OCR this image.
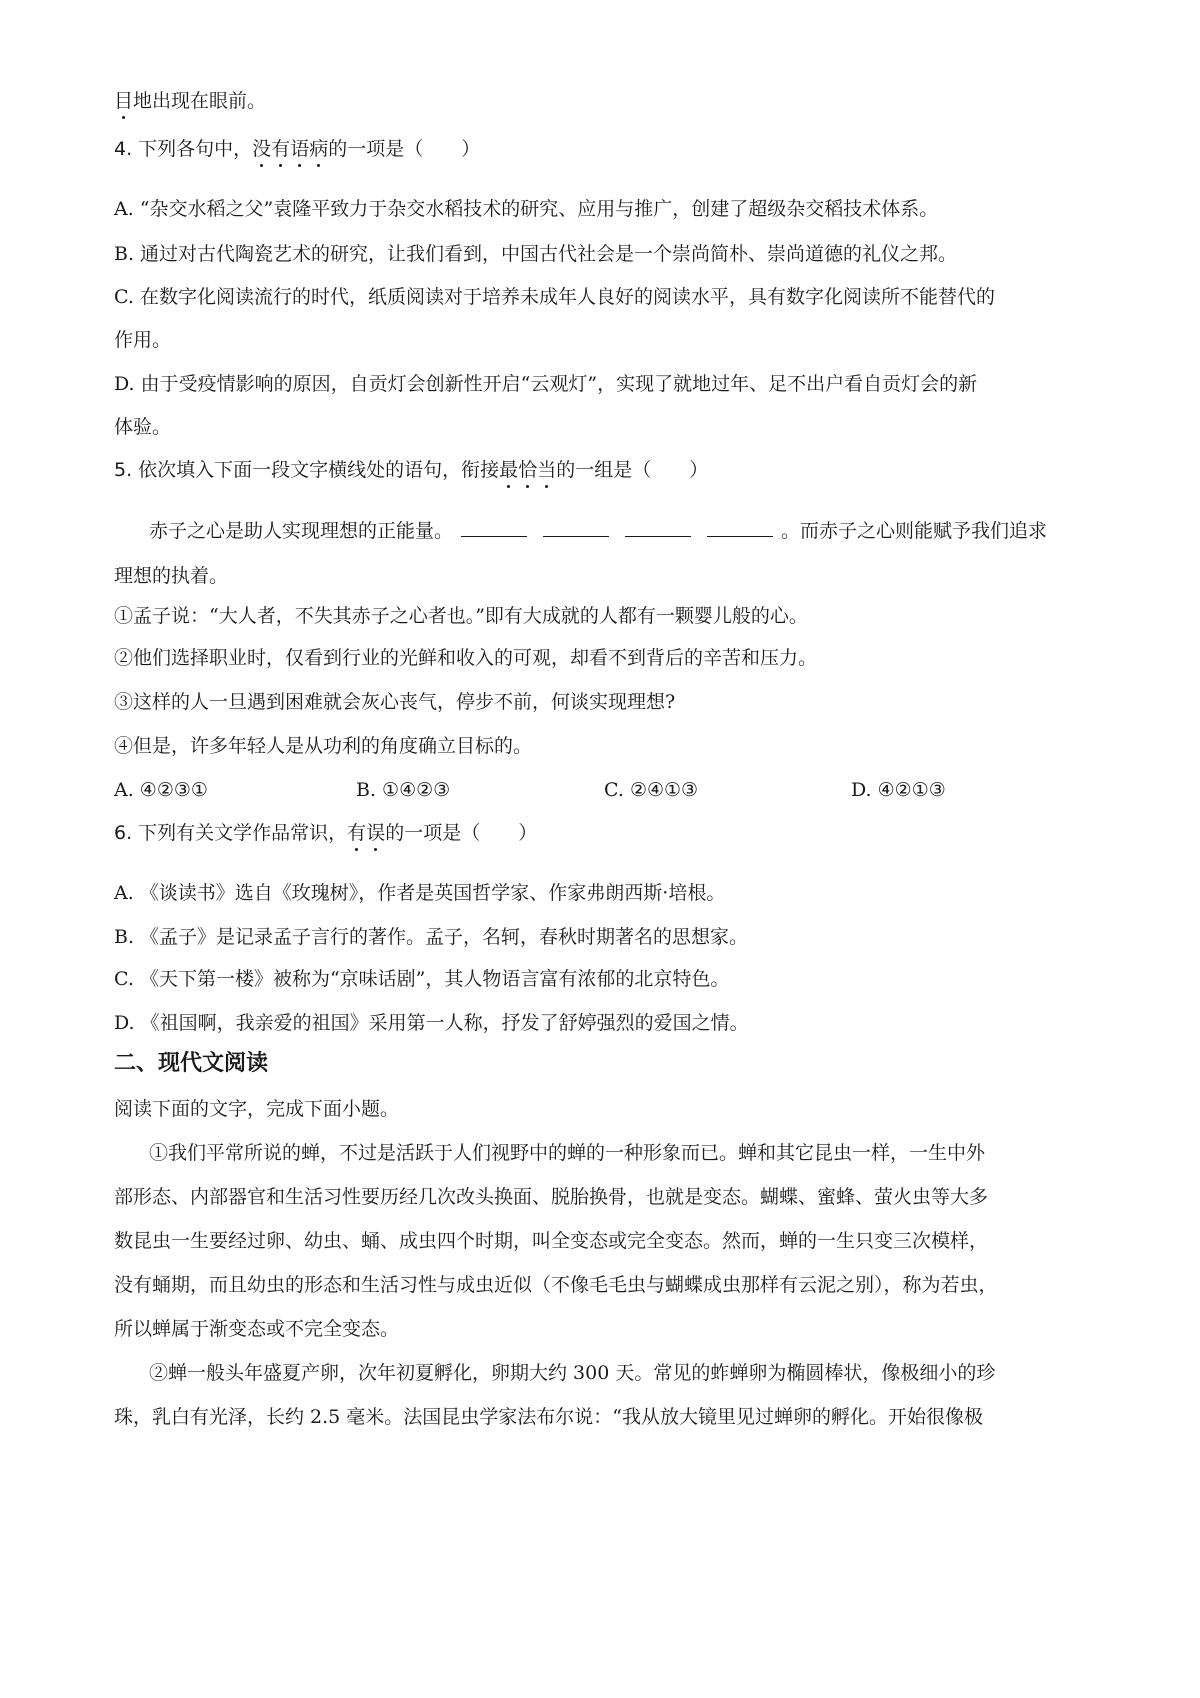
目地出现在眼前。
4. 下列各句中，没有语病的一项是（　　）
A. “杂交水稻之父”袁隆平致力于杂交水稻技术的研究、应用与推广，创建了超级杂交稻技术体系。
B. 通过对古代陶瓷艺术的研究，让我们看到，中国古代社会是一个崇尚简朴、崇尚道德的礼仪之邦。
C. 在数字化阅读流行的时代，纸质阅读对于培养未成年人良好的阅读水平，具有数字化阅读所不能替代的
作用。
D. 由于受疫情影响的原因，自贡灯会创新性开启“云观灯”，实现了就地过年、足不出户看自贡灯会的新
体验。
5. 依次填入下面一段文字横线处的语句，衔接最恰当的一组是（　　）
赤子之心是助人实现理想的正能量。	。而赤子之心则能赋予我们追求
理想的执着。
①孟子说：“大人者，不失其赤子之心者也。”即有大成就的人都有一颗婴儿般的心。
②他们选择职业时，仅看到行业的光鲜和收入的可观，却看不到背后的辛苦和压力。
③这样的人一旦遇到困难就会灰心丧气，停步不前，何谈实现理想?
④但是，许多年轻人是从功利的角度确立目标的。
A. ④②③①	B. ①④②③	C. ②④①③	D. ④②①③
6. 下列有关文学作品常识，有误的一项是（　　）
A. 《谈读书》选自《玫瑰树》，作者是英国哲学家、作家弗朗西斯·培根。
B. 《孟子》是记录孟子言行的著作。孟子，名轲，春秋时期著名的思想家。
C. 《天下第一楼》被称为“京味话剧”，其人物语言富有浓郁的北京特色。
D. 《祖国啊，我亲爱的祖国》采用第一人称，抒发了舒婷强烈的爱国之情。
二、现代文阅读
阅读下面的文字，完成下面小题。
①我们平常所说的蝉，不过是活跃于人们视野中的蝉的一种形象而已。蝉和其它昆虫一样，一生中外
部形态、内部器官和生活习性要历经几次改头换面、脱胎换骨，也就是变态。蝴蝶、蜜蜂、萤火虫等大多
数昆虫一生要经过卵、幼虫、蛹、成虫四个时期，叫全变态或完全变态。然而，蝉的一生只变三次模样，
没有蛹期，而且幼虫的形态和生活习性与成虫近似（不像毛毛虫与蝴蝶成虫那样有云泥之别），称为若虫，
所以蝉属于渐变态或不完全变态。
②蝉一般头年盛夏产卵，次年初夏孵化，卵期大约 300 天。常见的蚱蝉卵为椭圆棒状，像极细小的珍
珠，乳白有光泽，长约 2.5 毫米。法国昆虫学家法布尔说：“我从放大镜里见过蝉卵的孵化。开始很像极
